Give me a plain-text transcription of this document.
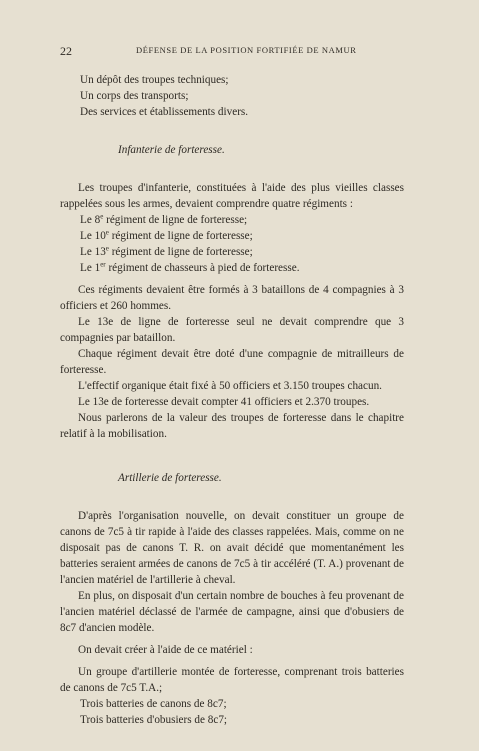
22	DÉFENSE DE LA POSITION FORTIFIÉE DE NAMUR
Un dépôt des troupes techniques;
Un corps des transports;
Des services et établissements divers.
Infanterie de forteresse.

Les troupes d'infanterie, constituées à l'aide des plus vieilles classes rappelées sous les armes, devaient comprendre quatre régiments :

Le 8e régiment de ligne de forteresse;
Le 10e régiment de ligne de forteresse;
Le 13e régiment de ligne de forteresse;
Le 1er régiment de chasseurs à pied de forteresse.

Ces régiments devaient être formés à 3 bataillons de 4 compagnies à 3 officiers et 260 hommes.

Le 13e de ligne de forteresse seul ne devait comprendre que 3 compagnies par bataillon.

Chaque régiment devait être doté d'une compagnie de mitrailleurs de forteresse.

L'effectif organique était fixé à 50 officiers et 3.150 troupes chacun.

Le 13e de forteresse devait compter 41 officiers et 2.370 troupes.

Nous parlerons de la valeur des troupes de forteresse dans le chapitre relatif à la mobilisation.

Artillerie de forteresse.

D'après l'organisation nouvelle, on devait constituer un groupe de canons de 7c5 à tir rapide à l'aide des classes rappelées. Mais, comme on ne disposait pas de canons T. R. on avait décidé que momentanément les batteries seraient armées de canons de 7c5 à tir accéléré (T. A.) provenant de l'ancien matériel de l'artillerie à cheval.

En plus, on disposait d'un certain nombre de bouches à feu provenant de l'ancien matériel déclassé de l'armée de campagne, ainsi que d'obusiers de 8c7 d'ancien modèle.

On devait créer à l'aide de ce matériel :

Un groupe d'artillerie montée de forteresse, comprenant trois batteries de canons de 7c5 T.A.;

Trois batteries de canons de 8c7;
Trois batteries d'obusiers de 8c7;
